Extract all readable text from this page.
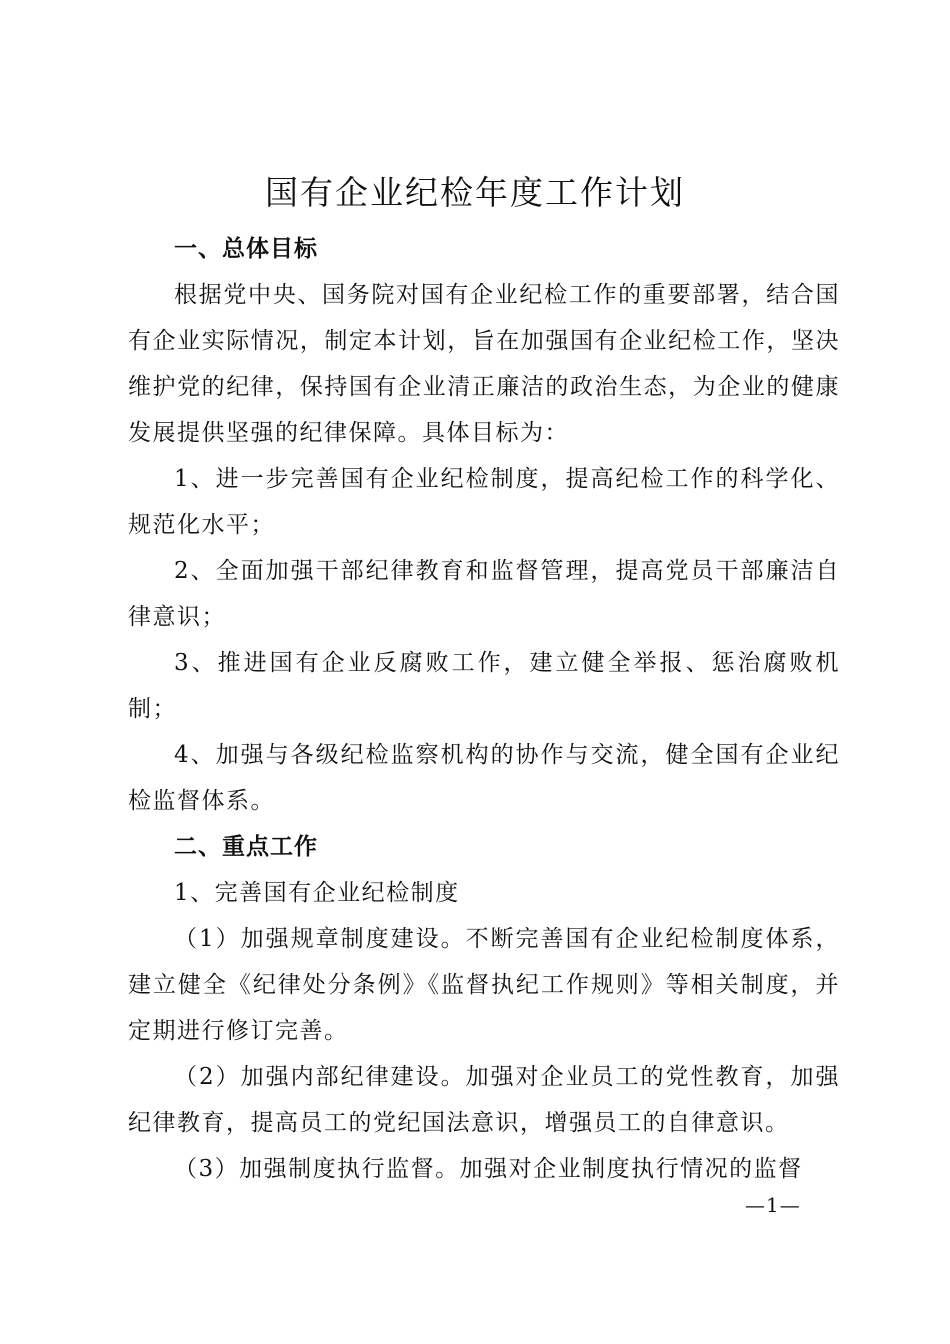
国有企业纪检年度工作计划

一、总体目标

根据党中央、国务院对国有企业纪检工作的重要部署，结合国有企业实际情况，制定本计划，旨在加强国有企业纪检工作，坚决维护党的纪律，保持国有企业清正廉洁的政治生态，为企业的健康发展提供坚强的纪律保障。具体目标为：

1、进一步完善国有企业纪检制度，提高纪检工作的科学化、规范化水平；

2、全面加强干部纪律教育和监督管理，提高党员干部廉洁自律意识；

3、推进国有企业反腐败工作，建立健全举报、惩治腐败机制；

4、加强与各级纪检监察机构的协作与交流，健全国有企业纪检监督体系。

二、重点工作

1、完善国有企业纪检制度

（1）加强规章制度建设。不断完善国有企业纪检制度体系，建立健全《纪律处分条例》《监督执纪工作规则》等相关制度，并定期进行修订完善。

（2）加强内部纪律建设。加强对企业员工的党性教育，加强纪律教育，提高员工的党纪国法意识，增强员工的自律意识。

（3）加强制度执行监督。加强对企业制度执行情况的监督

—1—
